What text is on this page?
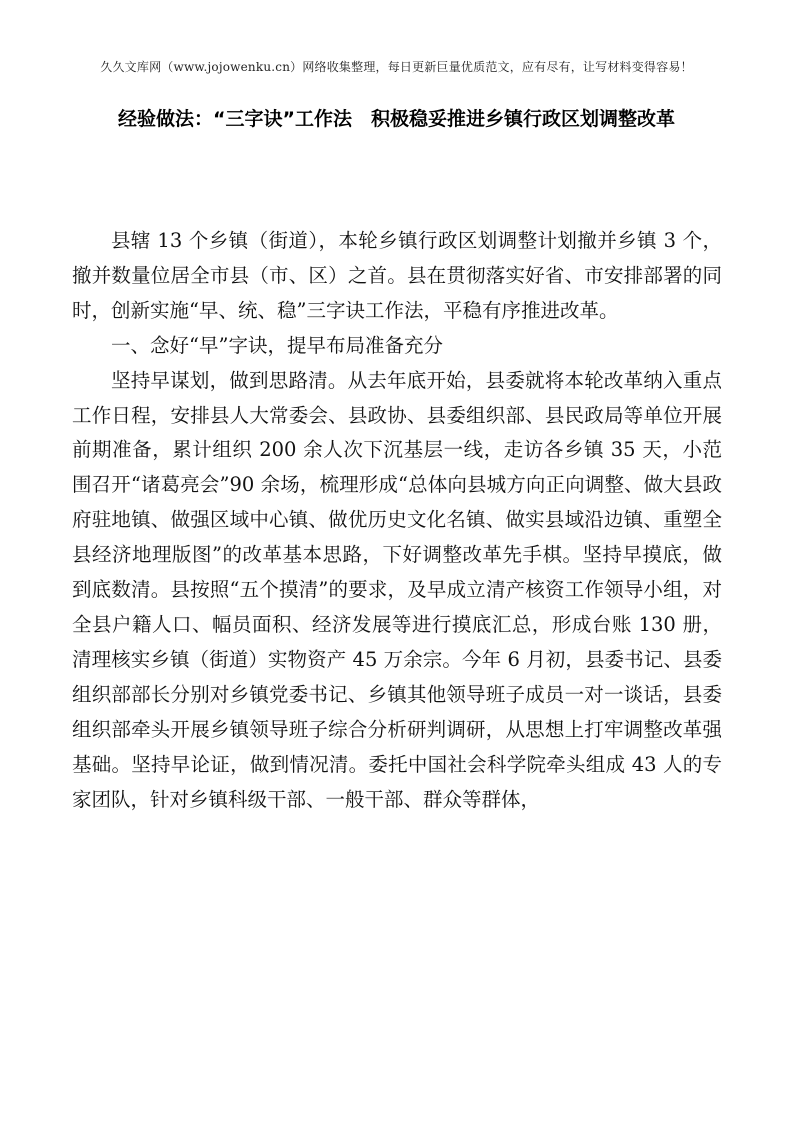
久久文库网（www.jojowenku.cn）网络收集整理，每日更新巨量优质范文，应有尽有，让写材料变得容易！
经验做法：“三字诀”工作法　积极稳妥推进乡镇行政区划调整改革

县辖 13 个乡镇（街道），本轮乡镇行政区划调整计划撤并乡镇 3 个，撤并数量位居全市县（市、区）之首。县在贯彻落实好省、市安排部署的同时，创新实施“早、统、稳”三字诀工作法，平稳有序推进改革。

一、念好“早”字诀，提早布局准备充分

坚持早谋划，做到思路清。从去年底开始，县委就将本轮改革纳入重点工作日程，安排县人大常委会、县政协、县委组织部、县民政局等单位开展前期准备，累计组织 200 余人次下沉基层一线，走访各乡镇 35 天，小范围召开“诸葛亮会”90 余场，梳理形成“总体向县城方向正向调整、做大县政府驻地镇、做强区域中心镇、做优历史文化名镇、做实县域沿边镇、重塑全县经济地理版图”的改革基本思路，下好调整改革先手棋。坚持早摸底，做到底数清。县按照“五个摸清”的要求，及早成立清产核资工作领导小组，对全县户籍人口、幅员面积、经济发展等进行摸底汇总，形成台账 130 册，清理核实乡镇（街道）实物资产 45 万余宗。今年 6 月初，县委书记、县委组织部部长分别对乡镇党委书记、乡镇其他领导班子成员一对一谈话，县委组织部牵头开展乡镇领导班子综合分析研判调研，从思想上打牢调整改革强基础。坚持早论证，做到情况清。委托中国社会科学院牵头组成 43 人的专家团队，针对乡镇科级干部、一般干部、群众等群体，
